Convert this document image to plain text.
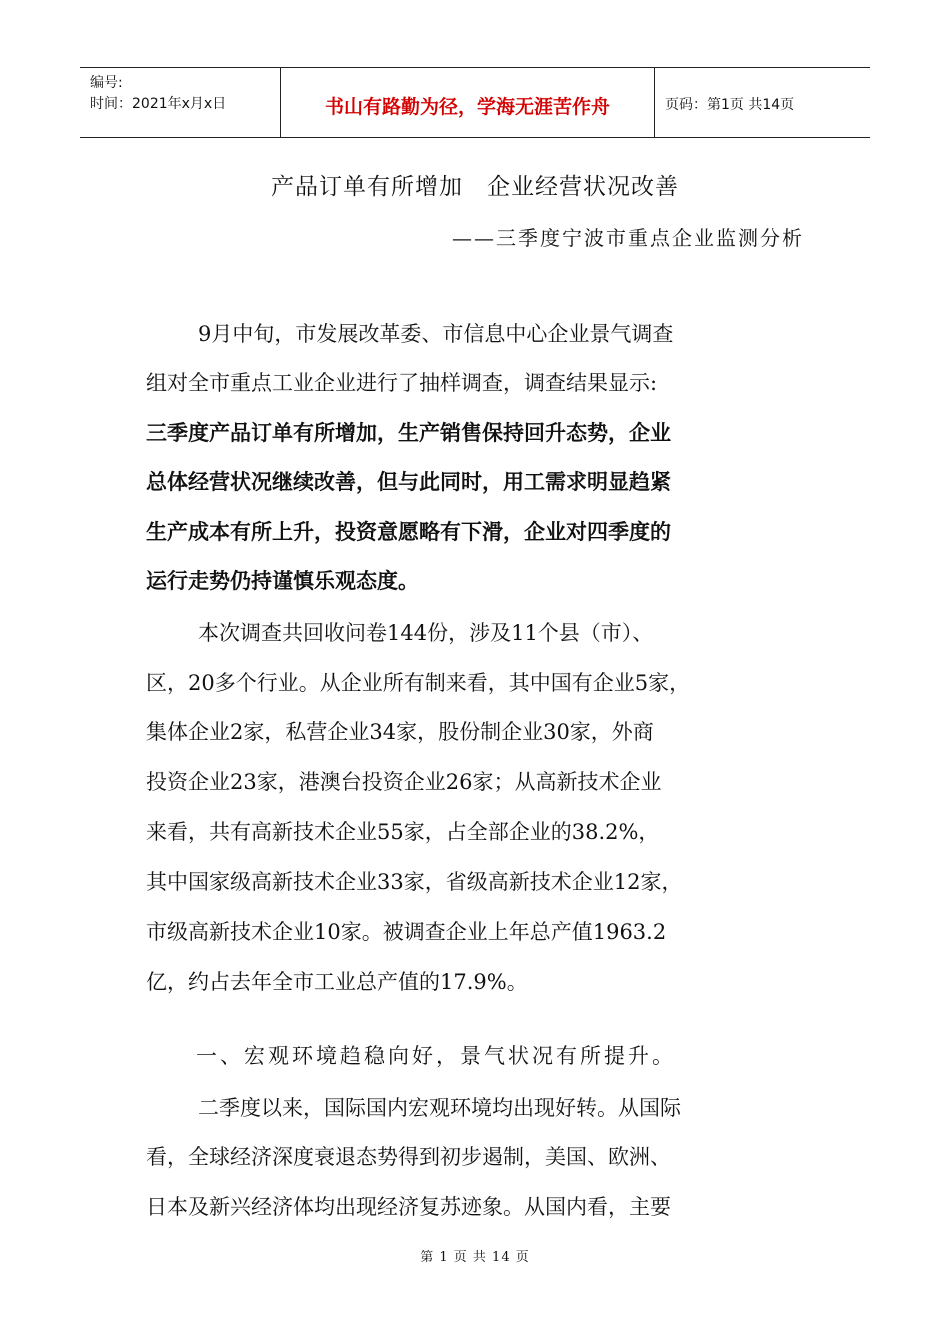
编号:
时间：2021年x月x日	书山有路勤为径，学海无涯苦作舟	页码：第1页 共14页
产品订单有所增加　企业经营状况改善
——三季度宁波市重点企业监测分析
9月中旬，市发展改革委、市信息中心企业景气调查
组对全市重点工业企业进行了抽样调查，调查结果显示:
三季度产品订单有所增加，生产销售保持回升态势，企业
总体经营状况继续改善，但与此同时，用工需求明显趋紧
生产成本有所上升，投资意愿略有下滑，企业对四季度的
运行走势仍持谨慎乐观态度。
本次调查共回收问卷144份，涉及11个县（市）、
区，20多个行业。从企业所有制来看，其中国有企业5家，
集体企业2家，私营企业34家，股份制企业30家，外商
投资企业23家，港澳台投资企业26家；从高新技术企业
来看，共有高新技术企业55家，占全部企业的38.2%，
其中国家级高新技术企业33家，省级高新技术企业12家，
市级高新技术企业10家。被调查企业上年总产值1963.2
亿，约占去年全市工业总产值的17.9%。
一、宏观环境趋稳向好，景气状况有所提升。
二季度以来，国际国内宏观环境均出现好转。从国际
看，全球经济深度衰退态势得到初步遏制，美国、欧洲、
日本及新兴经济体均出现经济复苏迹象。从国内看，主要
第 1 页 共 14 页
